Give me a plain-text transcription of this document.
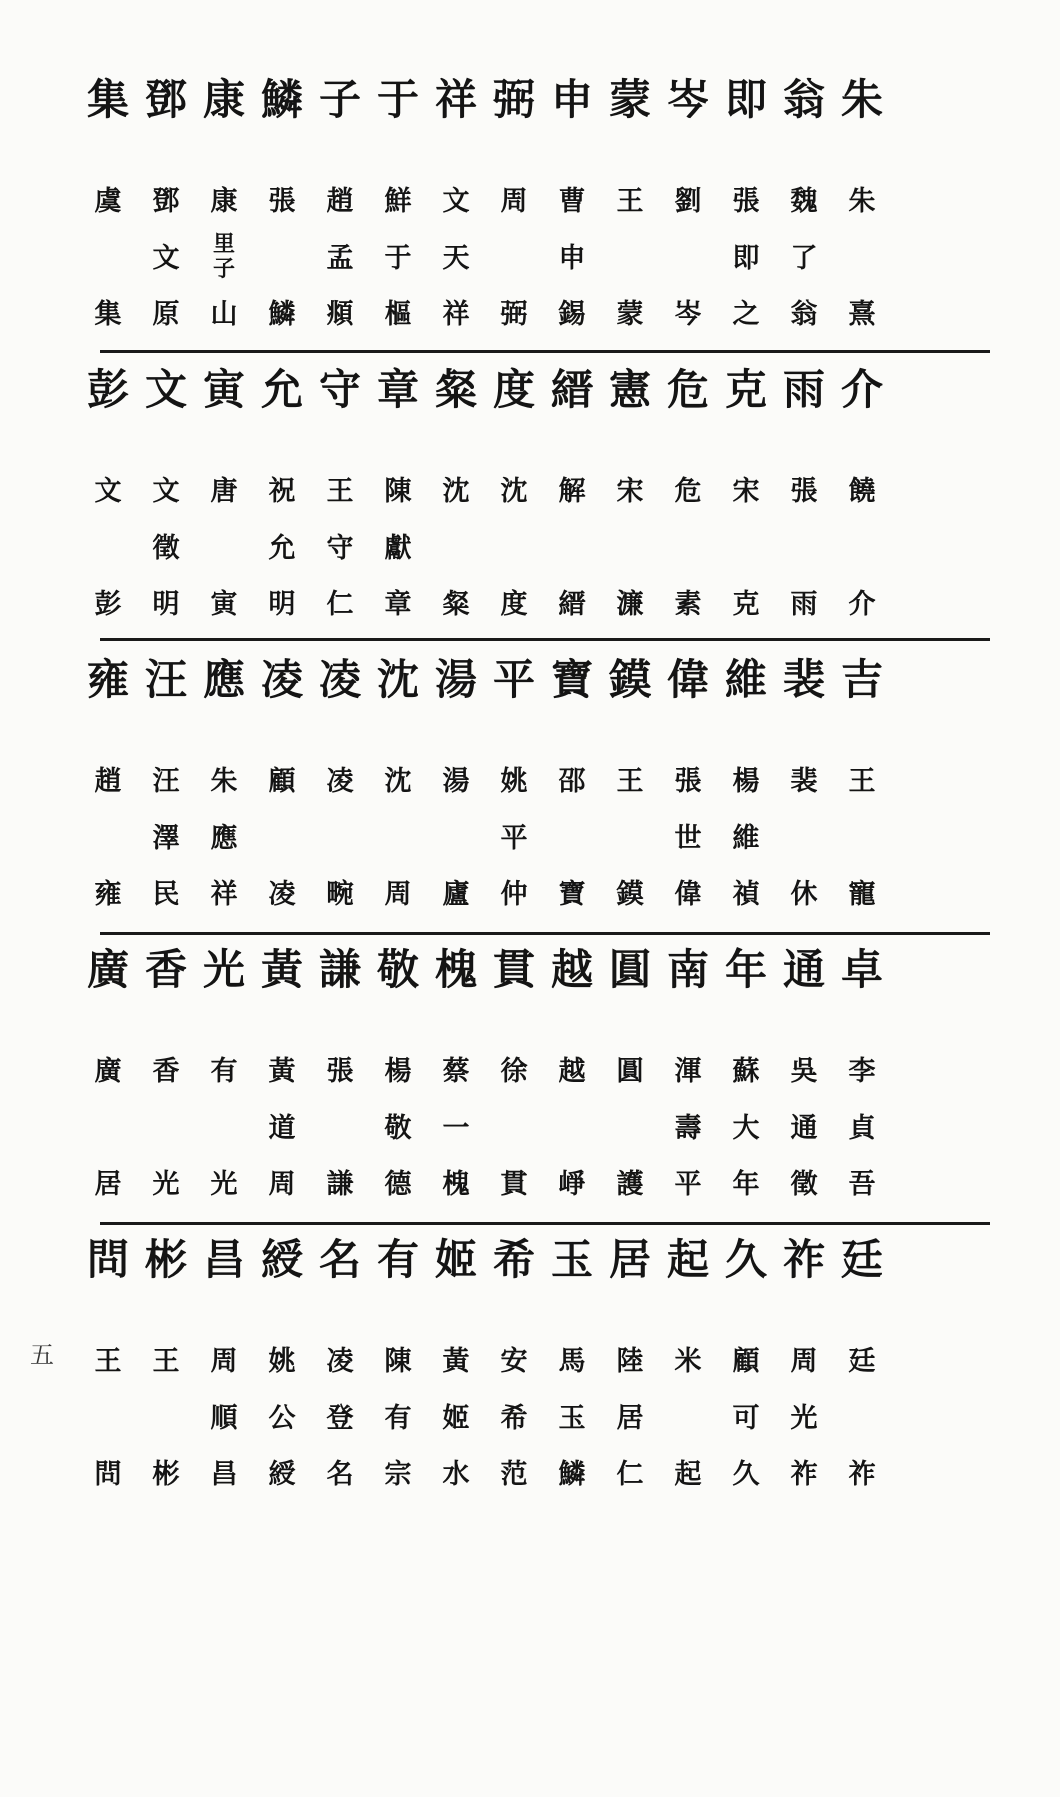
五
朱
翁
即
岑
蒙
申
弼
祥
于
子
鱗
康
鄧
集
朱
熹
魏
了
翁
張
即
之
劉
岑
王
蒙
曹
申
錫
周
弼
文
天
祥
鮮
于
樞
趙
孟
頫
張
鱗
康
里子
山
鄧
文
原
虞
集
介
雨
克
危
憲
縉
度
粲
章
守
允
寅
文
彭
饒
介
張
雨
宋
克
危
素
宋
濂
解
縉
沈
度
沈
粲
陳
獻
章
王
守
仁
祝
允
明
唐
寅
文
徵
明
文
彭
吉
裴
維
偉
鏌
寶
平
湯
沈
凌
凌
應
汪
雍
王
寵
裴
休
楊
維
禎
張
世
偉
王
鏌
邵
寶
姚
平
仲
湯
廬
沈
周
凌
畹
顧
凌
朱
應
祥
汪
澤
民
趙
雍
卓
通
年
南
圓
越
貫
槐
敬
謙
黃
光
香
廣
李
貞
吾
吳
通
徵
蘇
大
年
渾
壽
平
圓
護
越
崢
徐
貫
蔡
一
槐
楊
敬
德
張
謙
黃
道
周
有
光
香
光
廣
居
廷
祚
久
起
居
玉
希
姬
有
名
綬
昌
彬
問
廷
祚
周
光
祚
顧
可
久
米
起
陸
居
仁
馬
玉
鱗
安
希
范
黃
姬
水
陳
有
宗
凌
登
名
姚
公
綬
周
順
昌
王
彬
王
問
